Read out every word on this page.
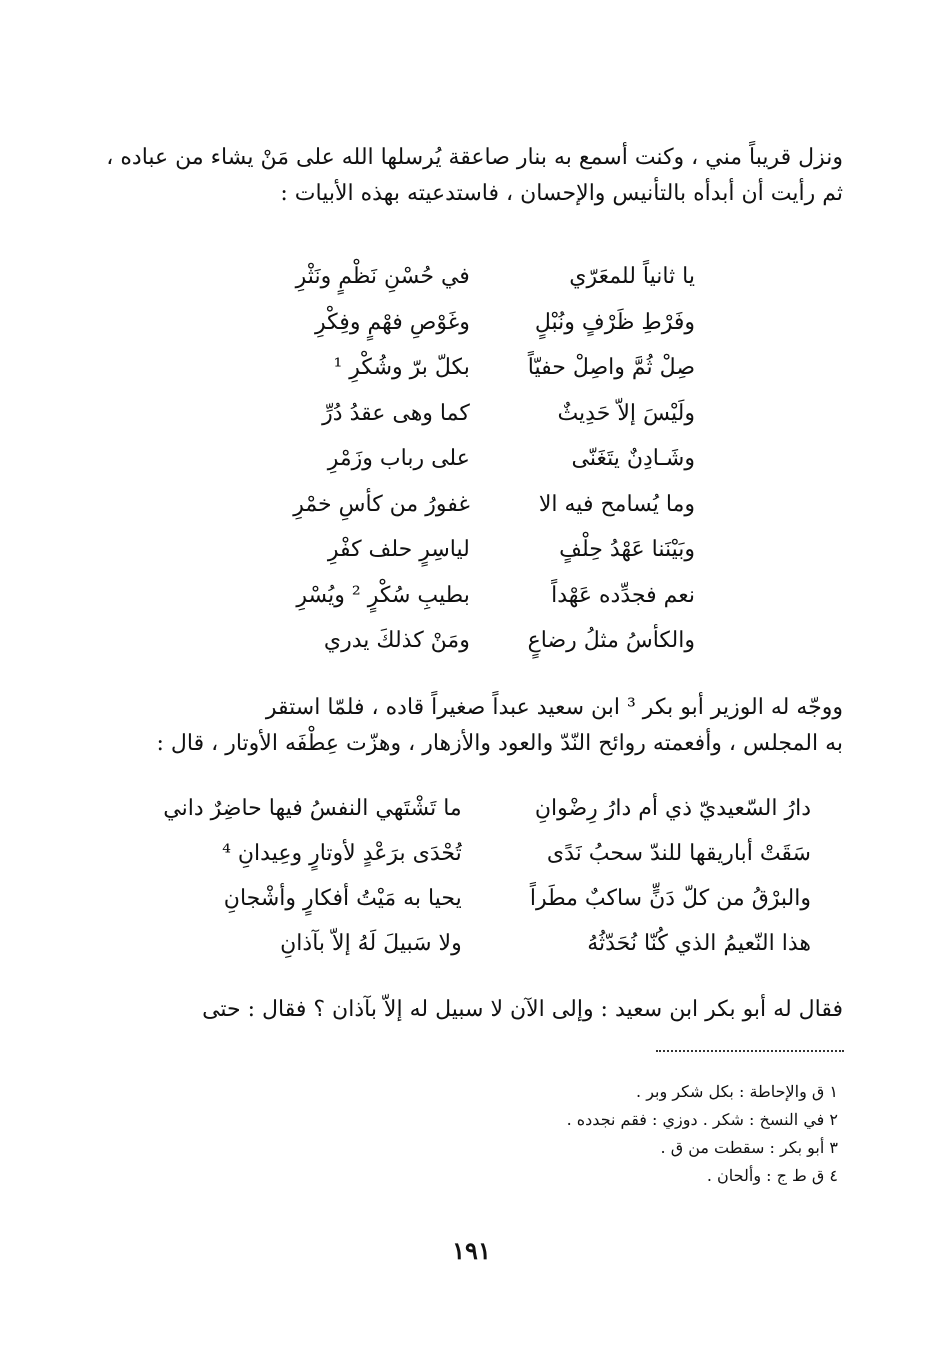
ونزل قريباً مني ، وكنت أسمع به بنار صاعقة يُرسلها الله على مَنْ يشاء من عباده ،

ثم رأيت أن أبدأه بالتأنيس والإحسان ، فاستدعيته بهذه الأبيات :

يا ثانياً للمعَرّي
في حُسْنِ نَظْمٍ ونَثْرِ
وفَرْطِ ظَرْفٍ ونُبْلٍ
وغَوْصِ فهْمٍ وفِكْرِ
صِلْ ثُمَّ واصِلْ حفيّاً
بكلّ برّ وشُكْرِ ¹
ولَيْسَ إلاّ حَدِيثٌ
كما وهى عقدُ دُرِّ
وشَـادِنٌ يتَغَنّى
على رباب وزَمْرِ
وما يُسامح فيه الا
غفورُ من كأسِ خمْرِ
وبَيْنَنا عَهْدُ حِلْفٍ
لياسِرٍ حلف كفْرِ
نعم فجدِّده عَهْداً
بطيبِ سُكْرٍ ² ويُسْرِ
والكأسُ مثلُ رضاعٍ
ومَنْ كذلكَ يدري

ووجّه له الوزير أبو بكر ³ ابن سعيد عبداً صغيراً قاده ، فلمّا استقر

به المجلس ، وأفعمته روائح النّدّ والعود والأزهار ، وهزّت عِطْفَه الأوتار ، قال :

دارُ السّعيديّ ذي أم دارُ رِضْوانِ
ما تَشْتَهي النفسُ فيها حاضِرٌ داني
سَقَتْ أباريقها للندّ سحبُ نَدًى
تُحْدَى برَعْدٍ لأوتارٍ وعِيدانِ ⁴
والبرْقُ من كلّ دَنٍّ ساكبٌ مطَراً
يحيا به مَيْتُ أفكارٍ وأشْجانِ
هذا النّعيمُ الذي كُنّا نُحَدّثُهُ
ولا سَبيلَ لَهُ إلاّ بآذانِ

فقال له أبو بكر ابن سعيد : وإلى الآن لا سبيل له إلاّ بآذان ؟ فقال : حتى

١ ق والإحاطة : بكل شكر وبر .
٢ في النسخ : شكر . دوزي : فقم نجدده .
٣ أبو بكر : سقطت من ق .
٤ ق ط ج : وألحان .
١٩١
